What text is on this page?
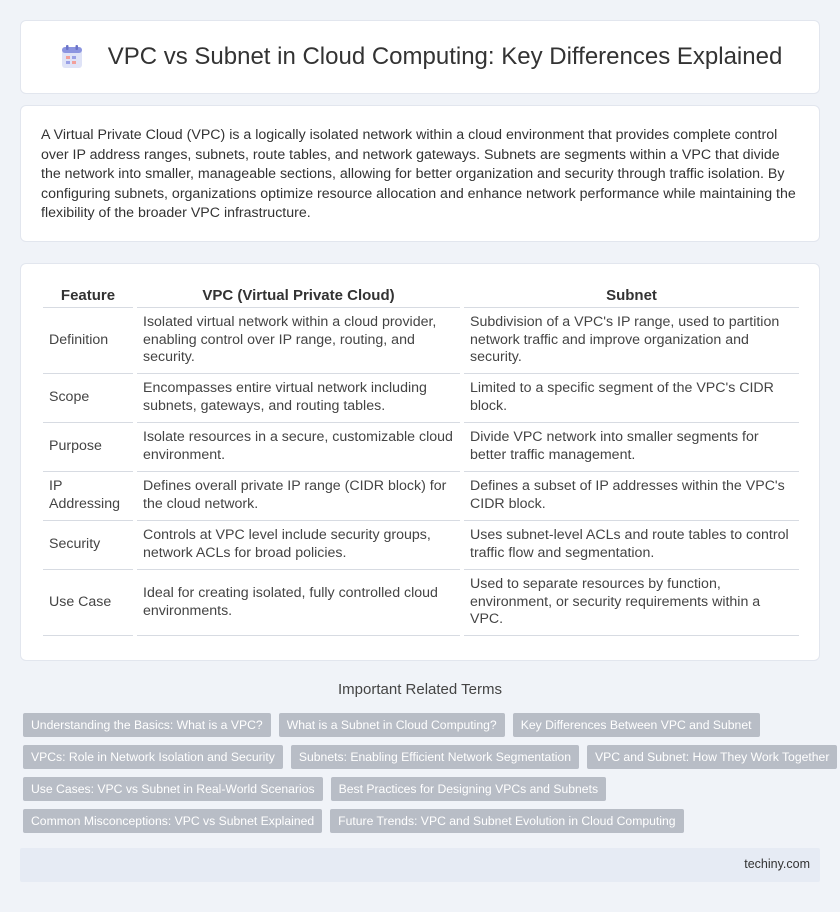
VPC vs Subnet in Cloud Computing: Key Differences Explained

A Virtual Private Cloud (VPC) is a logically isolated network within a cloud environment that provides complete control over IP address ranges, subnets, route tables, and network gateways. Subnets are segments within a VPC that divide the network into smaller, manageable sections, allowing for better organization and security through traffic isolation. By configuring subnets, organizations optimize resource allocation and enhance network performance while maintaining the flexibility of the broader VPC infrastructure.

Feature	VPC (Virtual Private Cloud)	Subnet
Definition	Isolated virtual network within a cloud provider, enabling control over IP range, routing, and security.	Subdivision of a VPC's IP range, used to partition network traffic and improve organization and security.
Scope	Encompasses entire virtual network including subnets, gateways, and routing tables.	Limited to a specific segment of the VPC's CIDR block.
Purpose	Isolate resources in a secure, customizable cloud environment.	Divide VPC network into smaller segments for better traffic management.
IP Addressing	Defines overall private IP range (CIDR block) for the cloud network.	Defines a subset of IP addresses within the VPC's CIDR block.
Security	Controls at VPC level include security groups, network ACLs for broad policies.	Uses subnet-level ACLs and route tables to control traffic flow and segmentation.
Use Case	Ideal for creating isolated, fully controlled cloud environments.	Used to separate resources by function, environment, or security requirements within a VPC.
Important Related Terms
Understanding the Basics: What is a VPC?	What is a Subnet in Cloud Computing?	Key Differences Between VPC and Subnet
VPCs: Role in Network Isolation and Security	Subnets: Enabling Efficient Network Segmentation	VPC and Subnet: How They Work Together
Use Cases: VPC vs Subnet in Real-World Scenarios	Best Practices for Designing VPCs and Subnets
Common Misconceptions: VPC vs Subnet Explained	Future Trends: VPC and Subnet Evolution in Cloud Computing
techiny.com
